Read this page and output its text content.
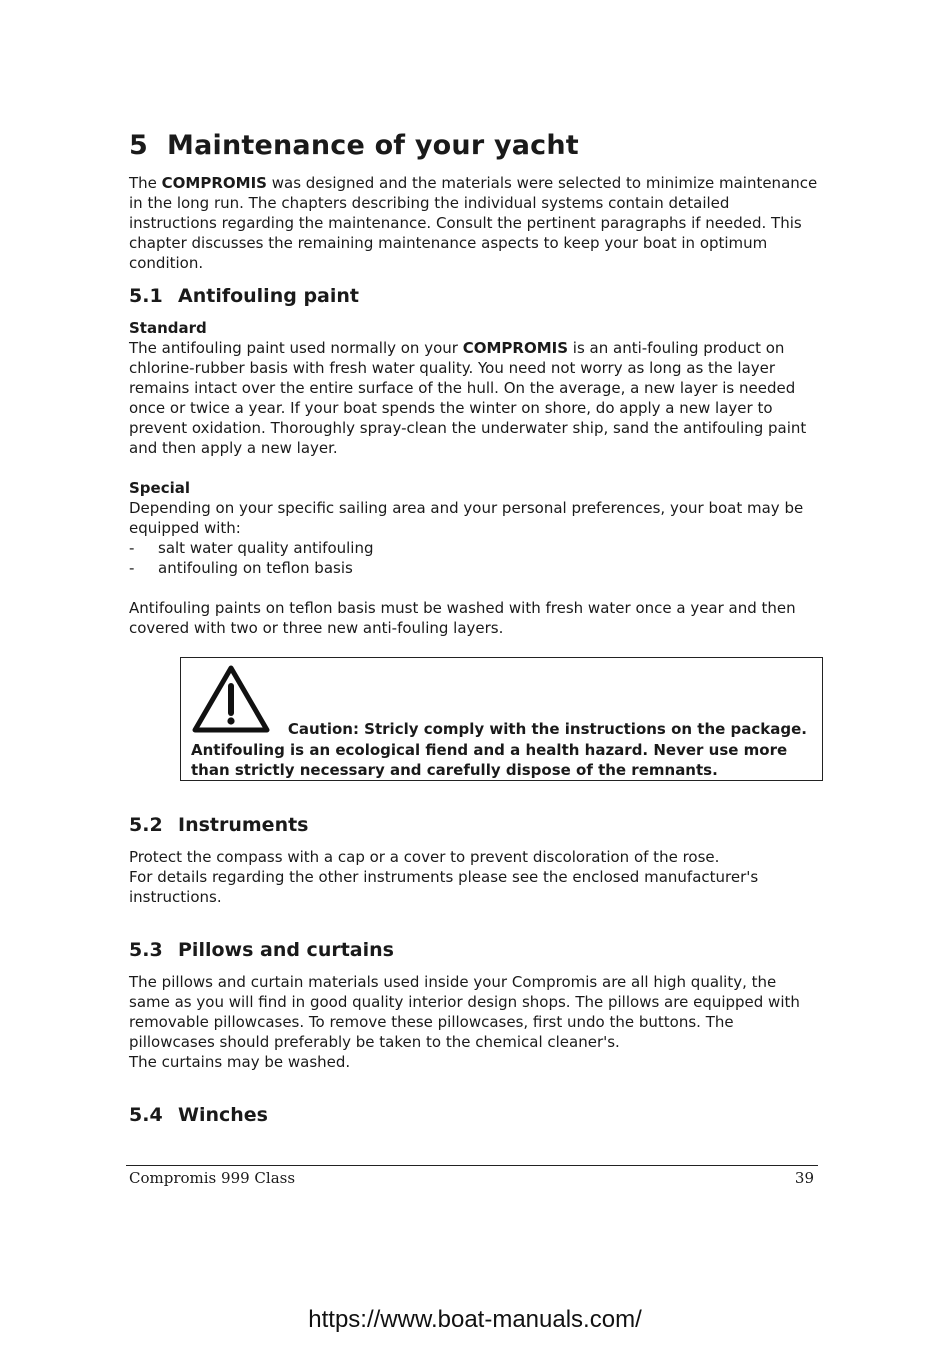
5 Maintenance of your yacht

The COMPROMIS was designed and the materials were selected to minimize maintenance in the long run. The chapters describing the individual systems contain detailed instructions regarding the maintenance. Consult the pertinent paragraphs if needed. This chapter discusses the remaining maintenance aspects to keep your boat in optimum condition.

5.1 Antifouling paint

Standard
The antifouling paint used normally on your COMPROMIS is an anti-fouling product on chlorine-rubber basis with fresh water quality. You need not worry as long as the layer remains intact over the entire surface of the hull. On the average, a new layer is needed once or twice a year. If your boat spends the winter on shore, do apply a new layer to prevent oxidation. Thoroughly spray-clean the underwater ship, sand the antifouling paint and then apply a new layer.

Special
Depending on your specific sailing area and your personal preferences, your boat may be equipped with:
- salt water quality antifouling
- antifouling on teflon basis

Antifouling paints on teflon basis must be washed with fresh water once a year and then covered with two or three new anti-fouling layers.

Caution: Stricly comply with the instructions on the package.
Antifouling is an ecological fiend and a health hazard. Never use more than strictly necessary and carefully dispose of the remnants.
5.2 Instruments

Protect the compass with a cap or a cover to prevent discoloration of the rose.
For details regarding the other instruments please see the enclosed manufacturer's instructions.

5.3 Pillows and curtains

The pillows and curtain materials used inside your Compromis are all high quality, the same as you will find in good quality interior design shops. The pillows are equipped with removable pillowcases. To remove these pillowcases, first undo the buttons. The pillowcases should preferably be taken to the chemical cleaner's.
The curtains may be washed.

5.4 Winches
Compromis 999 Class	39
https://www.boat-manuals.com/
